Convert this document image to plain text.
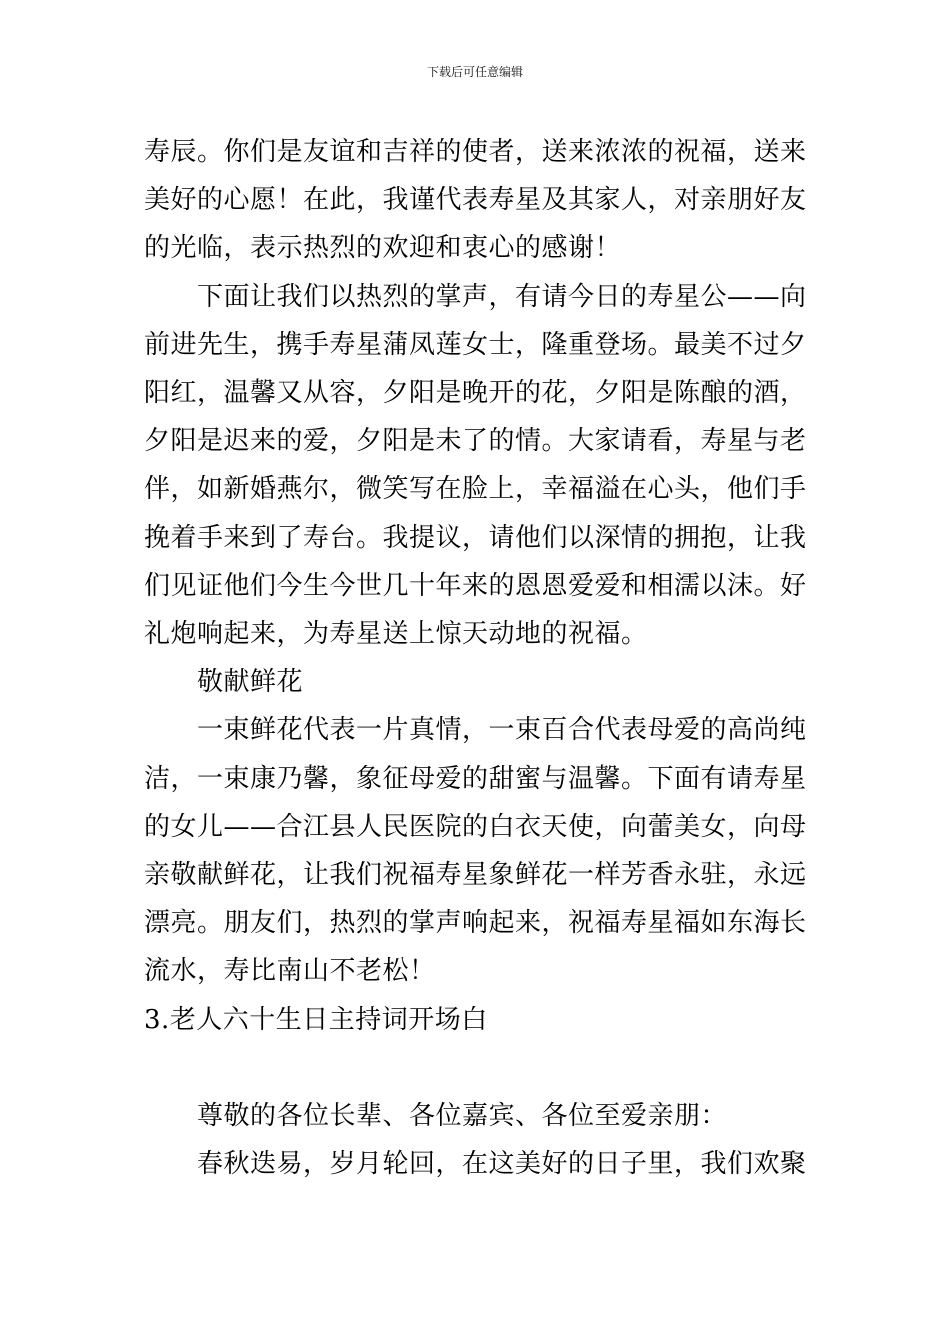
下载后可任意编辑

寿辰。你们是友谊和吉祥的使者，送来浓浓的祝福，送来美好的心愿！在此，我谨代表寿星及其家人，对亲朋好友的光临，表示热烈的欢迎和衷心的感谢！

下面让我们以热烈的掌声，有请今日的寿星公——向前进先生，携手寿星蒲凤莲女士，隆重登场。最美不过夕阳红，温馨又从容，夕阳是晚开的花，夕阳是陈酿的酒，夕阳是迟来的爱，夕阳是未了的情。大家请看，寿星与老伴，如新婚燕尔，微笑写在脸上，幸福溢在心头，他们手挽着手来到了寿台。我提议，请他们以深情的拥抱，让我们见证他们今生今世几十年来的恩恩爱爱和相濡以沫。好礼炮响起来，为寿星送上惊天动地的祝福。

敬献鲜花

一束鲜花代表一片真情，一束百合代表母爱的高尚纯洁，一束康乃馨，象征母爱的甜蜜与温馨。下面有请寿星的女儿——合江县人民医院的白衣天使，向蕾美女，向母亲敬献鲜花，让我们祝福寿星象鲜花一样芳香永驻，永远漂亮。朋友们，热烈的掌声响起来，祝福寿星福如东海长流水，寿比南山不老松！

3.老人六十生日主持词开场白

尊敬的各位长辈、各位嘉宾、各位至爱亲朋：

春秋迭易，岁月轮回，在这美好的日子里，我们欢聚
